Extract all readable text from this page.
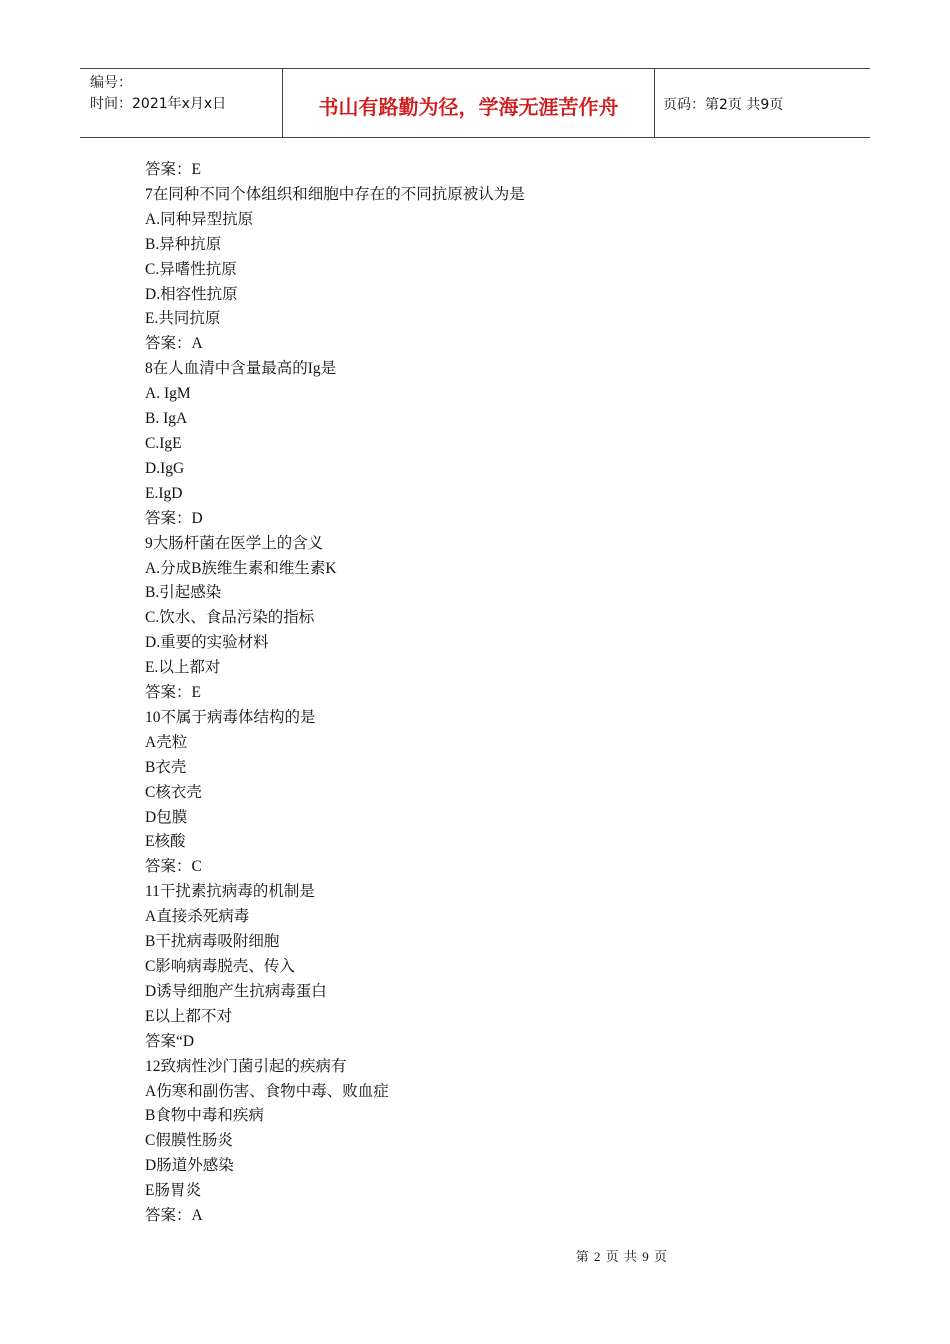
编号：
时间：2021年x月x日	书山有路勤为径，学海无涯苦作舟	页码：第2页 共9页

答案：E

7在同种不同个体组织和细胞中存在的不同抗原被认为是

A.同种异型抗原

B.异种抗原

C.异嗜性抗原

D.相容性抗原

E.共同抗原

答案：A

8在人血清中含量最高的Ig是

A. IgM

B. IgA

C.IgE

D.IgG

E.IgD

答案：D

9大肠杆菌在医学上的含义

A.分成B族维生素和维生素K

B.引起感染

C.饮水、食品污染的指标

D.重要的实验材料

E.以上都对

答案：E

10不属于病毒体结构的是

A壳粒

B衣壳

C核衣壳

D包膜

E核酸

答案：C

11干扰素抗病毒的机制是

A直接杀死病毒

B干扰病毒吸附细胞

C影响病毒脱壳、传入

D诱导细胞产生抗病毒蛋白

E以上都不对

答案“D

12致病性沙门菌引起的疾病有

A伤寒和副伤害、食物中毒、败血症

B食物中毒和疾病

C假膜性肠炎

D肠道外感染

E肠胃炎

答案：A

第 2 页 共 9 页
